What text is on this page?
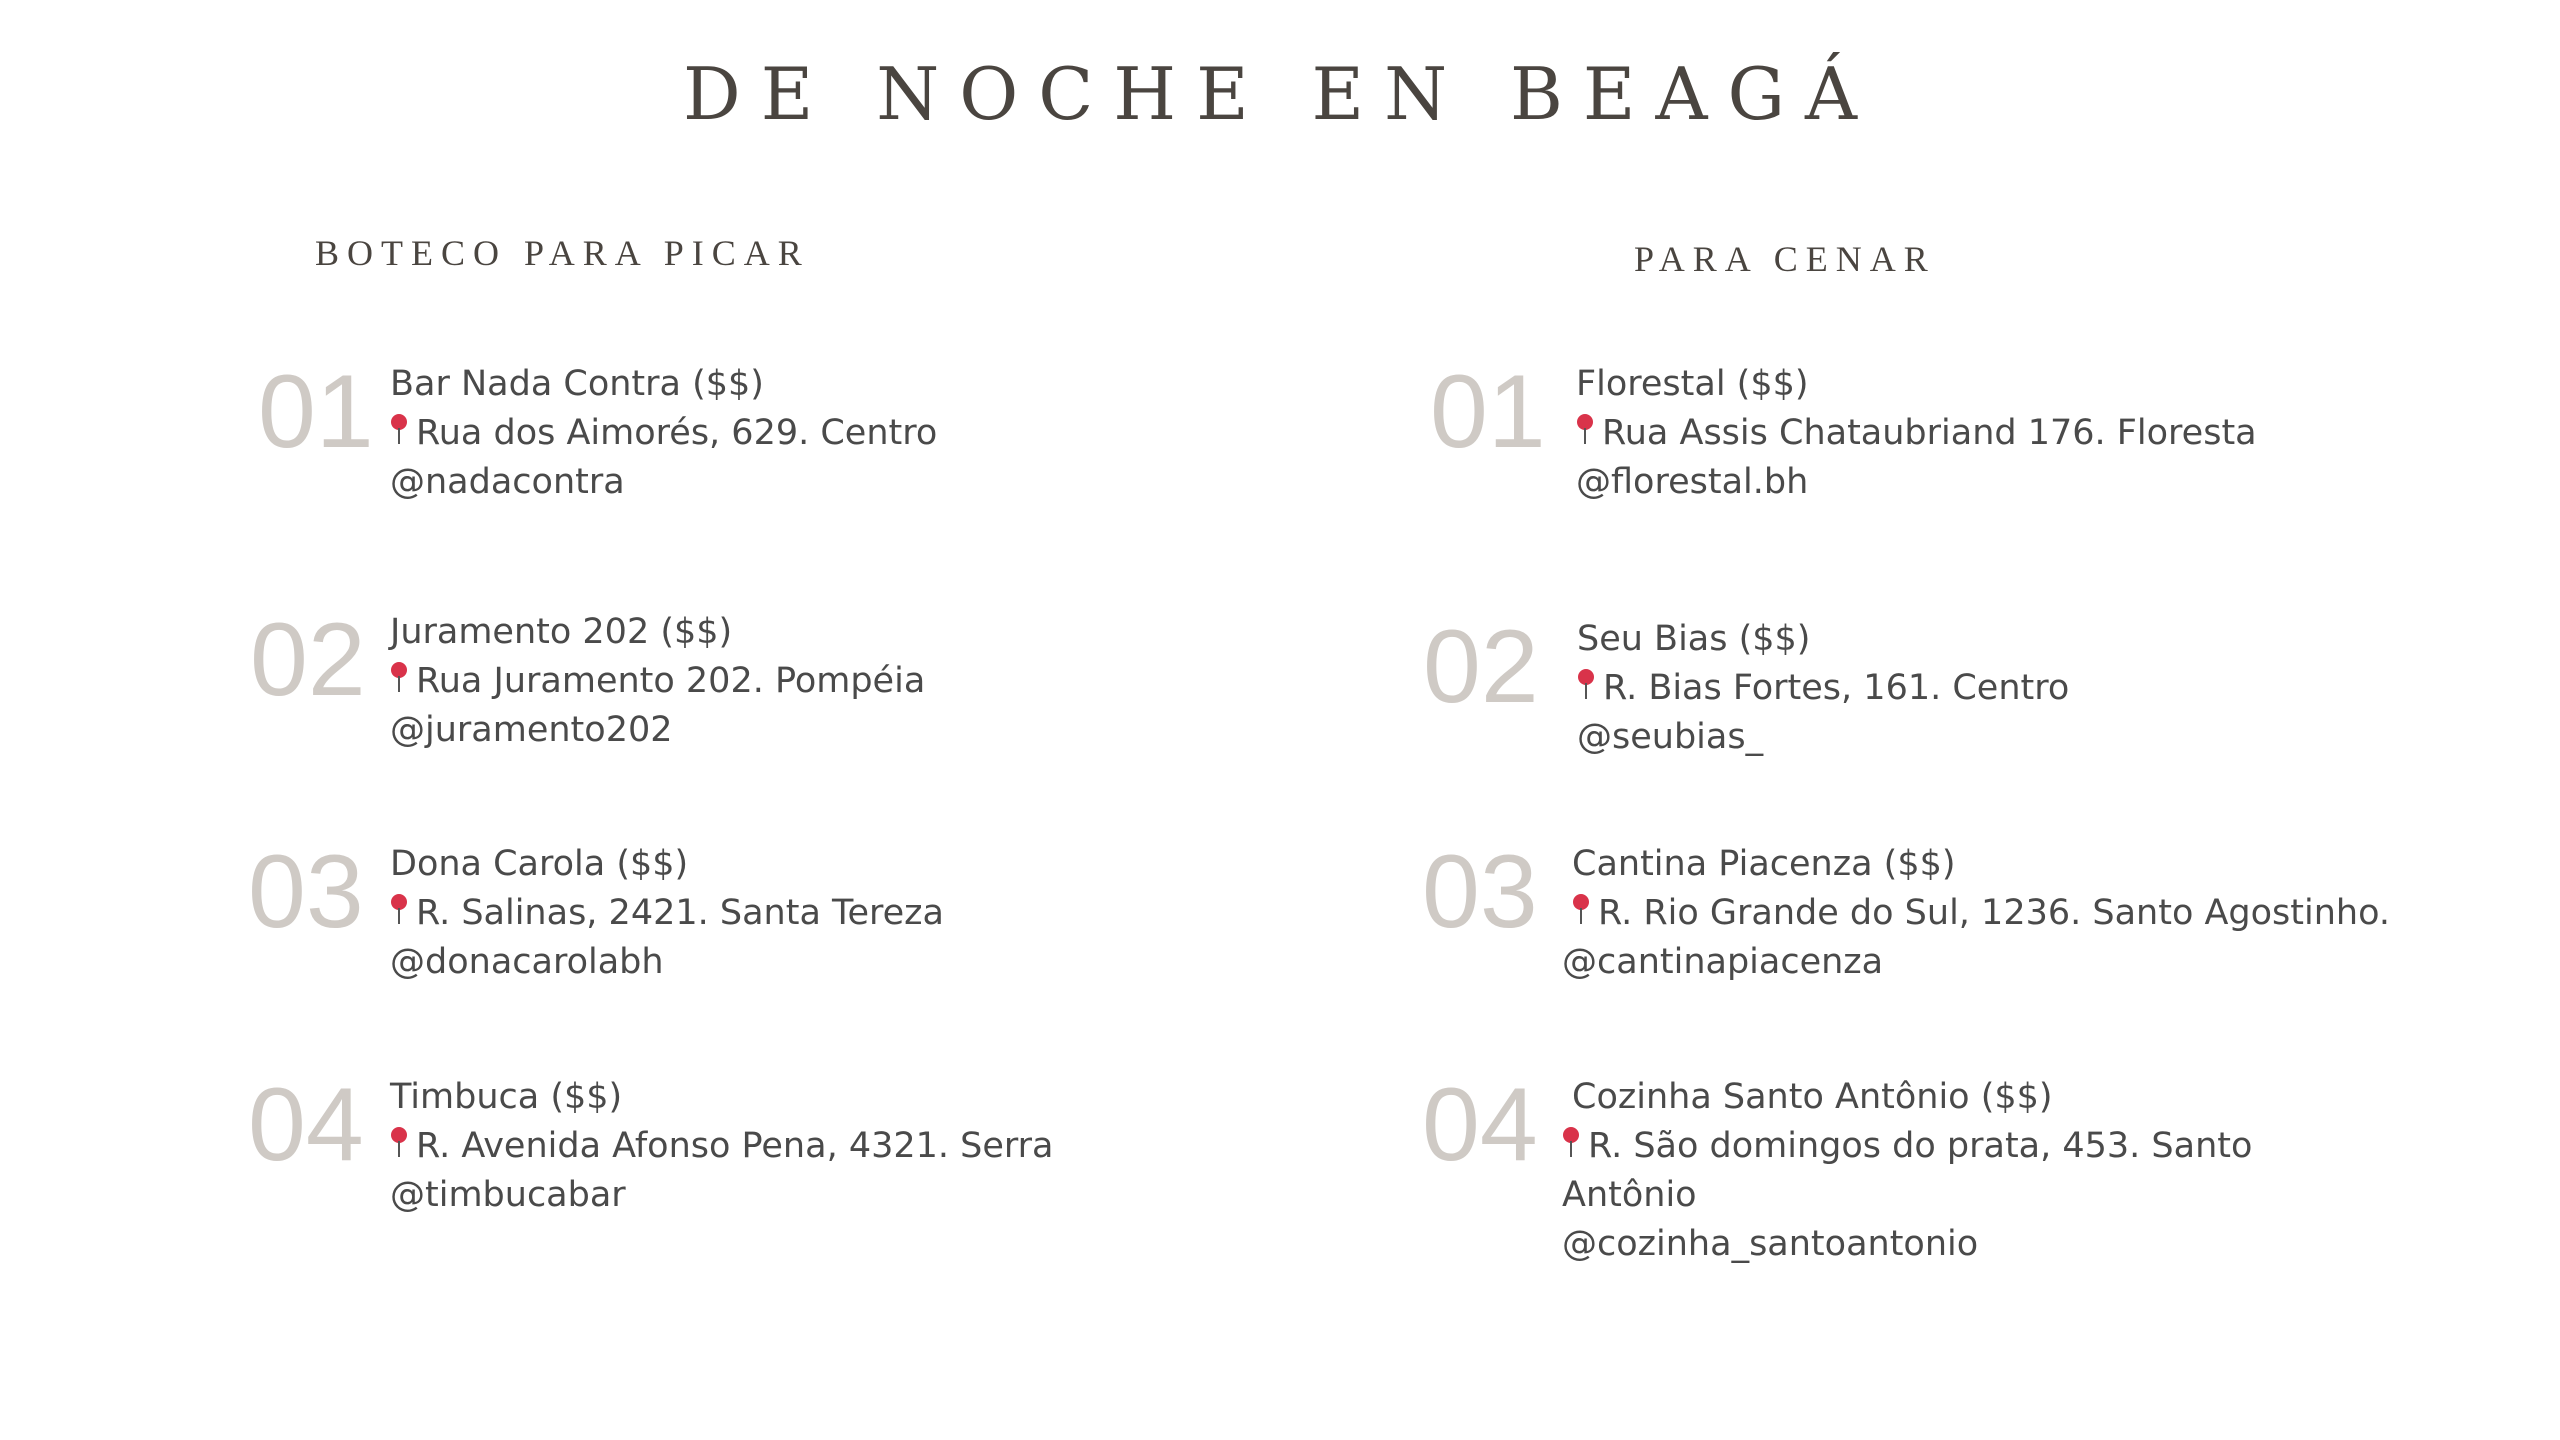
DE NOCHE EN BEAGÁ
BOTECO PARA PICAR	PARA CENAR
01 Bar Nada Contra ($$)
Rua dos Aimorés, 629. Centro
@nadacontra
02 Juramento 202 ($$)
Rua Juramento 202. Pompéia
@juramento202
03 Dona Carola ($$)
R. Salinas, 2421. Santa Tereza
@donacarolabh
04 Timbuca ($$)
R. Avenida Afonso Pena, 4321. Serra
@timbucabar
01 Florestal ($$)
Rua Assis Chataubriand 176. Floresta
@florestal.bh
02 Seu Bias ($$)
R. Bias Fortes, 161. Centro
@seubias_
03 Cantina Piacenza ($$)
R. Rio Grande do Sul, 1236. Santo Agostinho.
@cantinapiacenza
04 Cozinha Santo Antônio ($$)
R. São domingos do prata, 453. Santo
Antônio
@cozinha_santoantonio
